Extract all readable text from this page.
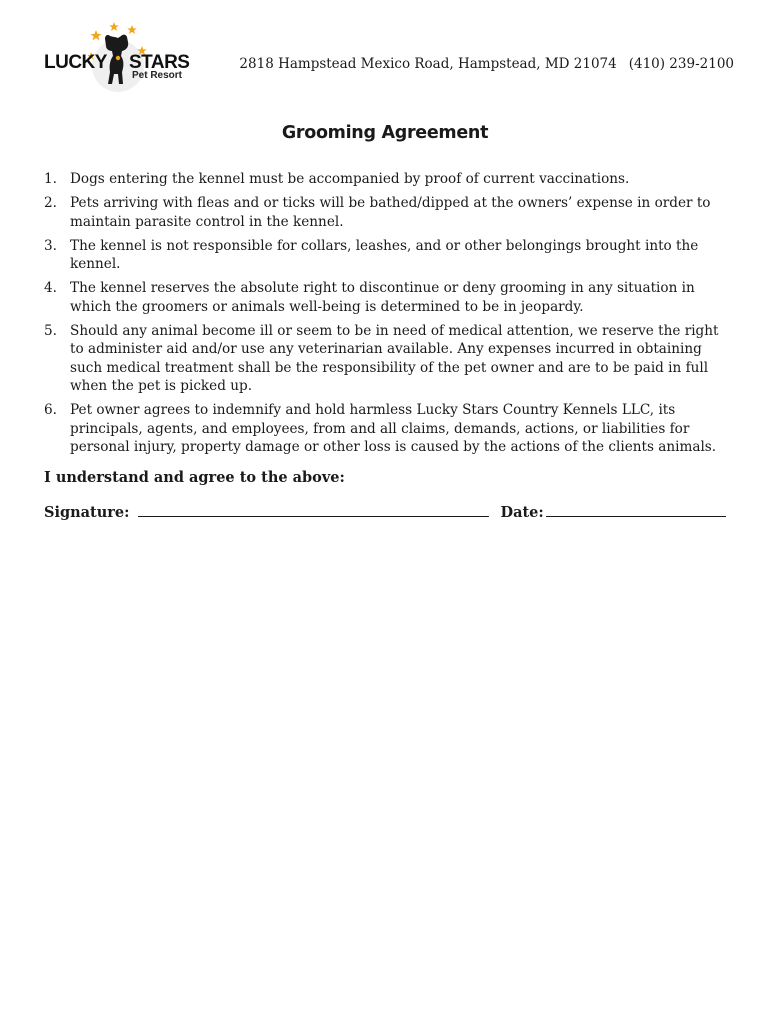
LUCKY STARS
Pet Resort
2818 Hampstead Mexico Road, Hampstead, MD 21074 (410) 239-2100
Grooming Agreement
1. Dogs entering the kennel must be accompanied by proof of current vaccinations.
2. Pets arriving with fleas and or ticks will be bathed/dipped at the owners’ expense in order to maintain parasite control in the kennel.
3. The kennel is not responsible for collars, leashes, and or other belongings brought into the kennel.
4. The kennel reserves the absolute right to discontinue or deny grooming in any situation in which the groomers or animals well-being is determined to be in jeopardy.
5. Should any animal become ill or seem to be in need of medical attention, we reserve the right to administer aid and/or use any veterinarian available. Any expenses incurred in obtaining such medical treatment shall be the responsibility of the pet owner and are to be paid in full when the pet is picked up.
6. Pet owner agrees to indemnify and hold harmless Lucky Stars Country Kennels LLC, its principals, agents, and employees, from and all claims, demands, actions, or liabilities for personal injury, property damage or other loss is caused by the actions of the clients animals.
I understand and agree to the above:
Signature:	Date:
